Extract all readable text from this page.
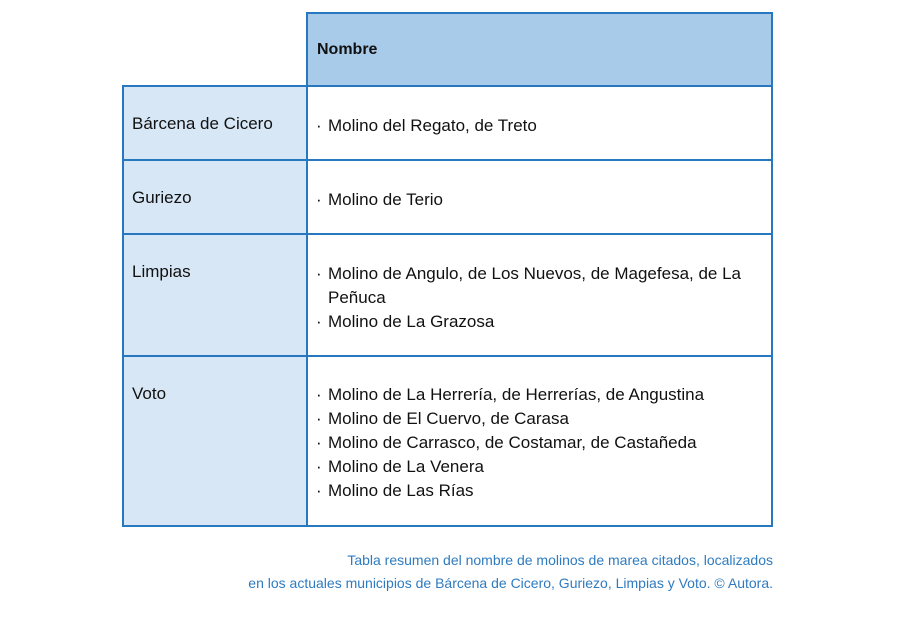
Nombre
Bárcena de Cicero	· Molino del Regato, de Treto
Guriezo	· Molino de Terio
Limpias	· Molino de Angulo, de Los Nuevos, de Magefesa, de La Peñuca
· Molino de La Grazosa
Voto	· Molino de La Herrería, de Herrerías, de Angustina
· Molino de El Cuervo, de Carasa
· Molino de Carrasco, de Costamar, de Castañeda
· Molino de La Venera
· Molino de Las Rías
Tabla resumen del nombre de molinos de marea citados, localizados
en los actuales municipios de Bárcena de Cicero, Guriezo, Limpias y Voto. © Autora.
